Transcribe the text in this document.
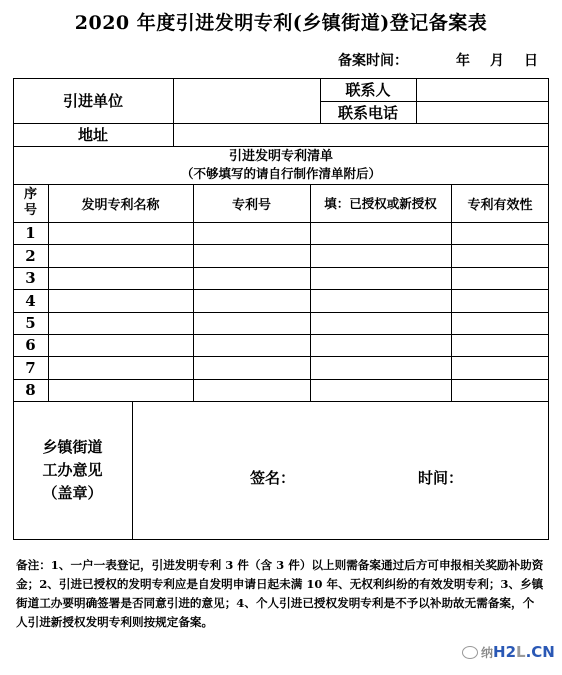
2020 年度引进发明专利(乡镇街道)登记备案表
备案时间：	年 月 日
引进单位
联系人
联系电话
地址
引进发明专利清单
（不够填写的请自行制作清单附后）
序号	发明专利名称	专利号	填：已授权或新授权	专利有效性
1
2
3
4
5
6
7
8
乡镇街道
工办意见
（盖章）
签名：	时间：
备注：1、一户一表登记，引进发明专利 3 件（含 3 件）以上则需备案通过后方可申报相关奖励补助资金；2、引进已授权的发明专利应是自发明申请日起未满 10 年、无权利纠纷的有效发明专利；3、乡镇街道工办要明确签署是否同意引进的意见；4、个人引进已授权发明专利是不予以补助故无需备案，个人引进新授权发明专利则按规定备案。
纳H2L.CN
